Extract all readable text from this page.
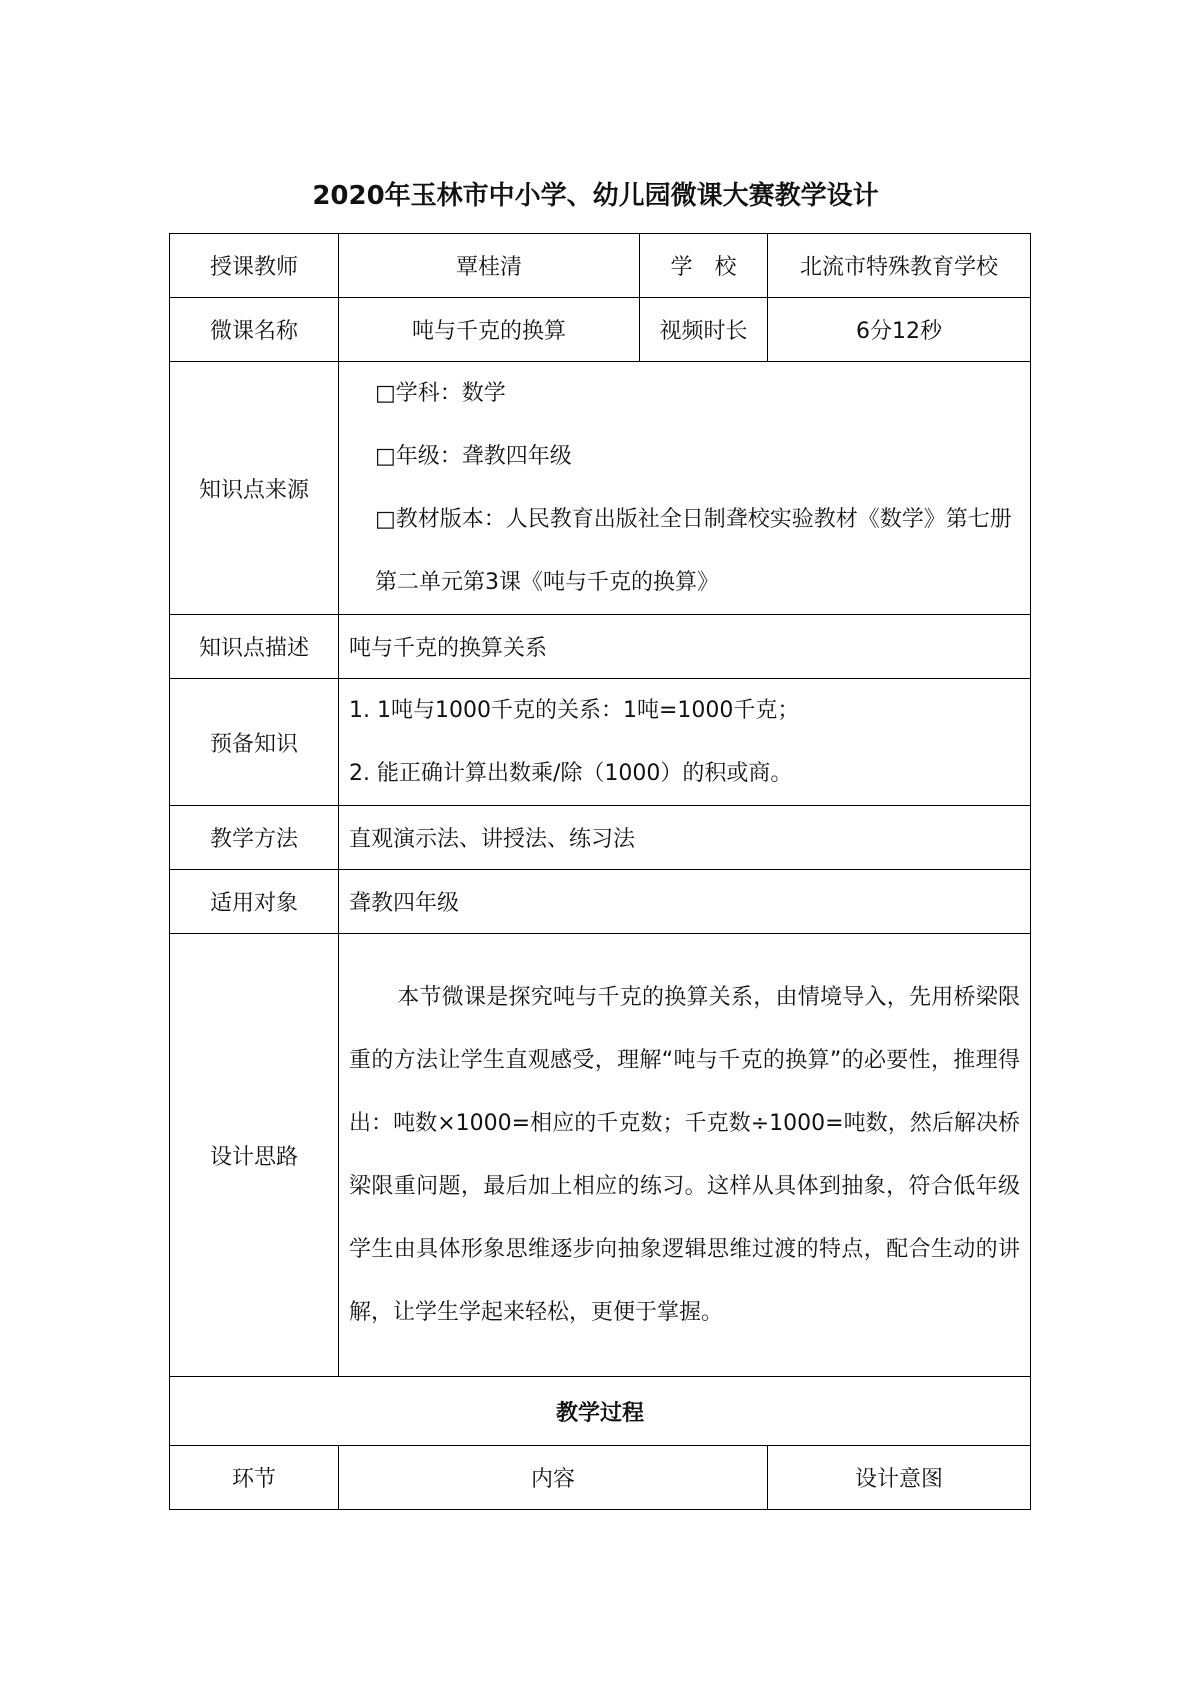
2020年玉林市中小学、幼儿园微课大赛教学设计
授课教师	覃桂清	学　校	北流市特殊教育学校
微课名称	吨与千克的换算	视频时长	6分12秒
知识点来源	□学科：数学

□年级：聋教四年级

□教材版本：人民教育出版社全日制聋校实验教材《数学》第七册第二单元第3课《吨与千克的换算》		

知识点描述	吨与千克的换算关系		
预备知识	1. 1吨与1000千克的关系：1吨=1000千克；

2. 能正确计算出数乘/除（1000）的积或商。		

教学方法	直观演示法、讲授法、练习法		
适用对象	聋教四年级		
设计思路	本节微课是探究吨与千克的换算关系，由情境导入，先用桥梁限重的方法让学生直观感受，理解“吨与千克的换算”的必要性，推理得出：吨数×1000=相应的千克数；千克数÷1000=吨数，然后解决桥梁限重问题，最后加上相应的练习。这样从具体到抽象，符合低年级学生由具体形象思维逐步向抽象逻辑思维过渡的特点，配合生动的讲解，让学生学起来轻松，更便于掌握。		
教学过程			
环节	内容		设计意图
